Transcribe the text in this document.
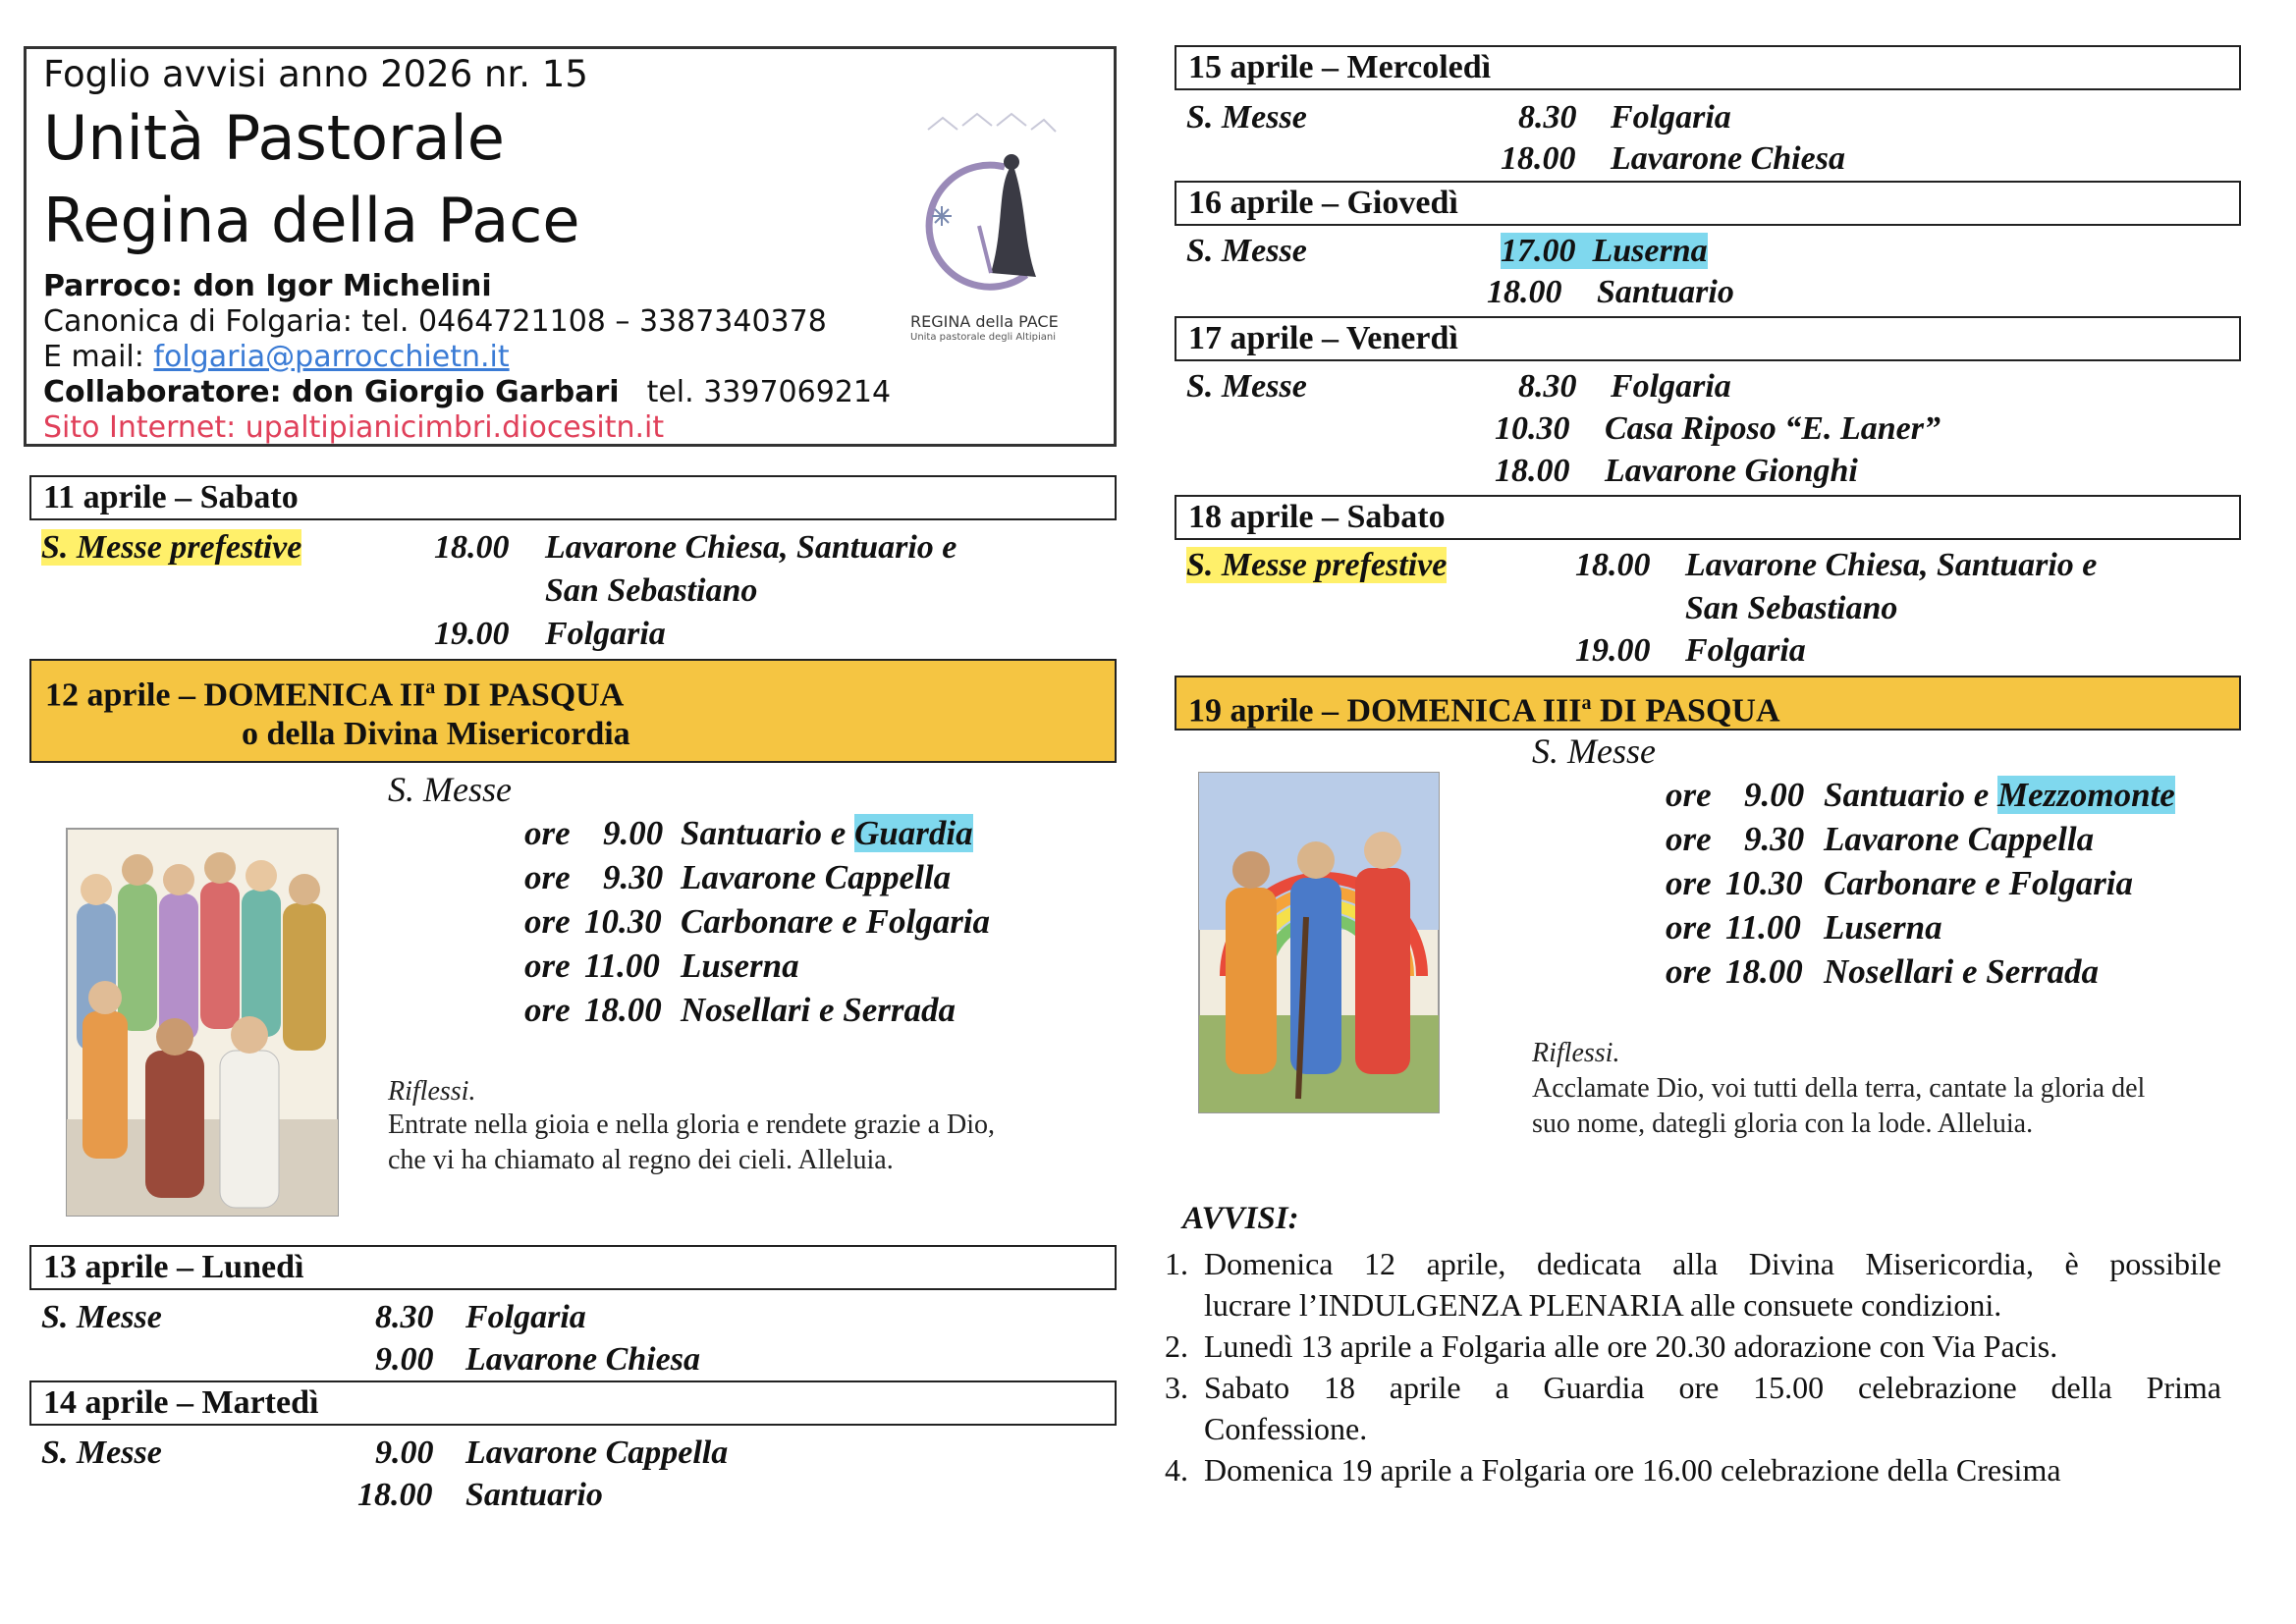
Foglio avvisi anno 2026 nr. 15
Unità Pastorale
Regina della Pace
Parroco: don Igor Michelini
Canonica di Folgaria: tel. 0464721108 – 3387340378
E mail: folgaria@parrocchietn.it
Collaboratore: don Giorgio Garbari tel. 3397069214
Sito Internet: upaltipianicimbri.diocesitn.it
REGINA della PACE
Unita pastorale degli Altipiani
11 aprile – Sabato
S. Messe prefestive	18.00 Lavarone Chiesa, Santuario e
San Sebastiano
19.00 Folgaria
12 aprile – DOMENICA $II^a$ DI PASQUA
o della Divina Misericordia
S. Messe
ore 9.00 Santuario e Guardia
ore 9.30 Lavarone Cappella
ore 10.30 Carbonare e Folgaria
ore 11.00 Luserna
ore 18.00 Nosellari e Serrada
Riflessi.
Entrate nella gioia e nella gloria e rendete grazie a Dio,
che vi ha chiamato al regno dei cieli. Alleluia.
13 aprile – Lunedì
S. Messe	8.30 Folgaria
9.00 Lavarone Chiesa
14 aprile – Martedì
S. Messe	9.00 Lavarone Cappella
18.00 Santuario
15 aprile – Mercoledì
S. Messe	8.30 Folgaria
18.00 Lavarone Chiesa
16 aprile – Giovedì
S. Messe	17.00 Luserna
18.00 Santuario
17 aprile – Venerdì
S. Messe	8.30 Folgaria
10.30 Casa Riposo “E. Laner”
18.00 Lavarone Gionghi
18 aprile – Sabato
S. Messe prefestive	18.00 Lavarone Chiesa, Santuario e
San Sebastiano
19.00 Folgaria
19 aprile – DOMENICA III$^a$ DI PASQUA
S. Messe
ore 9.00 Santuario e Mezzomonte
ore 9.30 Lavarone Cappella
ore 10.30 Carbonare e Folgaria
ore 11.00 Luserna
ore 18.00 Nosellari e Serrada
Riflessi.
Acclamate Dio, voi tutti della terra, cantate la gloria del
suo nome, dategli gloria con la lode. Alleluia.
AVVISI:
1. Domenica 12 aprile, dedicata alla Divina Misericordia, è possibile
lucrare l’INDULGENZA PLENARIA alle consuete condizioni.
2. Lunedì 13 aprile a Folgaria alle ore 20.30 adorazione con Via Pacis.
3. Sabato 18 aprile a Guardia ore 15.00 celebrazione della Prima
Confessione.
4. Domenica 19 aprile a Folgaria ore 16.00 celebrazione della Cresima
